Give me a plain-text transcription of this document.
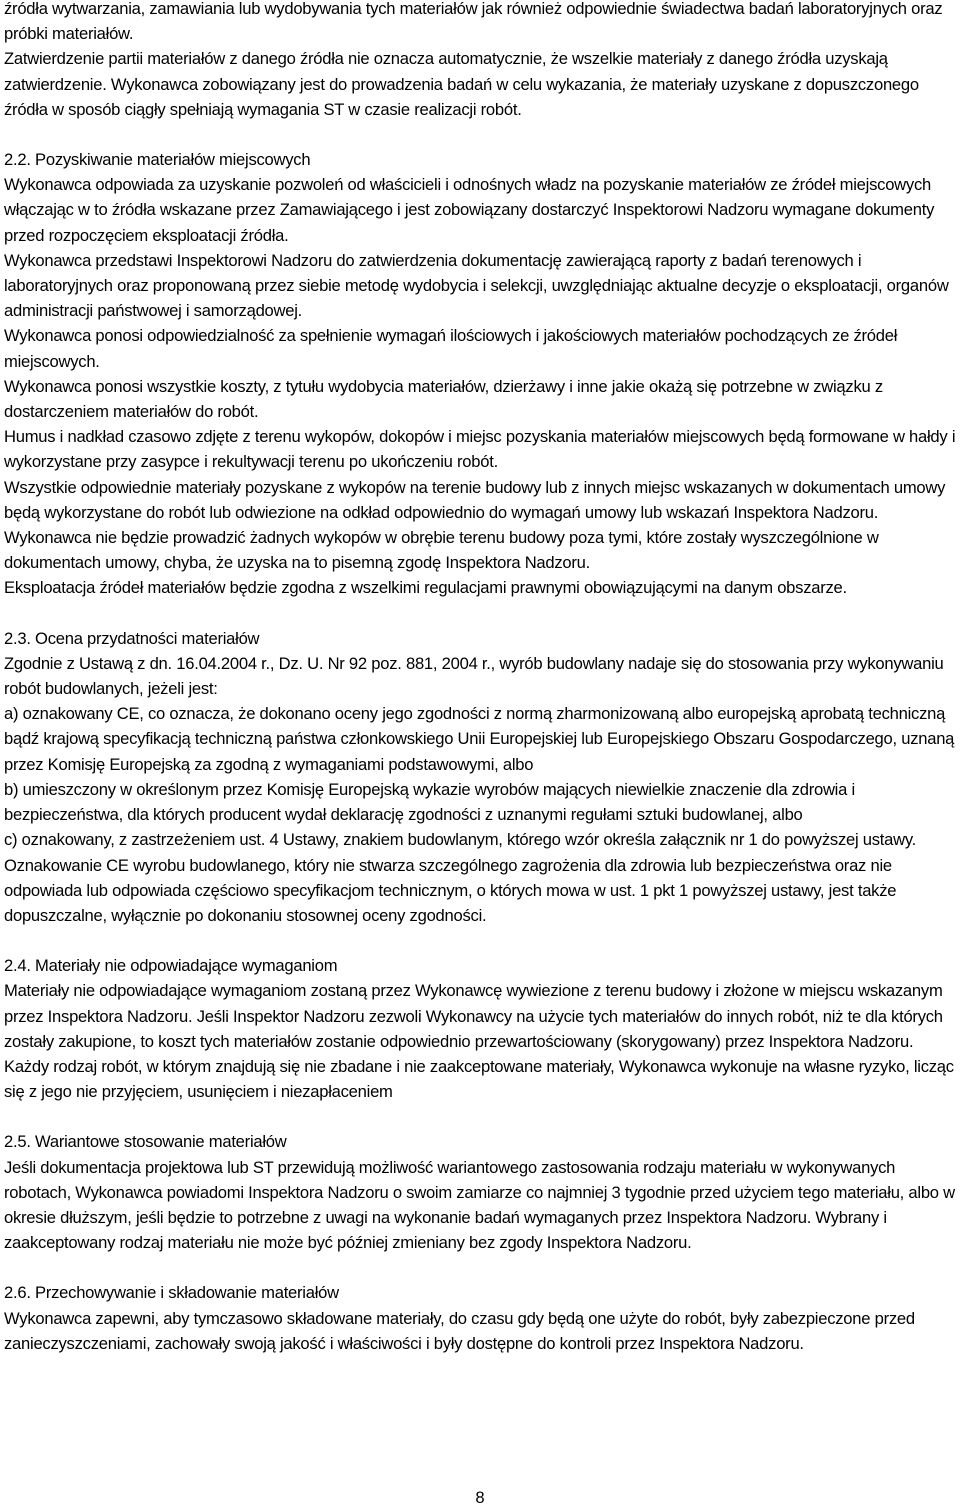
źródła wytwarzania, zamawiania lub wydobywania tych materiałów jak również odpowiednie świadectwa badań laboratoryjnych oraz próbki materiałów.

Zatwierdzenie partii materiałów z danego źródła nie oznacza automatycznie, że wszelkie materiały z danego źródła uzyskają zatwierdzenie. Wykonawca zobowiązany jest do prowadzenia badań w celu wykazania, że materiały uzyskane z dopuszczonego źródła w sposób ciągły spełniają wymagania ST w czasie realizacji robót.

2.2. Pozyskiwanie materiałów miejscowych

Wykonawca odpowiada za uzyskanie pozwoleń od właścicieli i odnośnych władz na pozyskanie materiałów ze źródeł miejscowych włączając w to źródła wskazane przez Zamawiającego i jest zobowiązany dostarczyć Inspektorowi Nadzoru wymagane dokumenty przed rozpoczęciem eksploatacji źródła.

Wykonawca przedstawi Inspektorowi Nadzoru do zatwierdzenia dokumentację zawierającą raporty z badań terenowych i laboratoryjnych oraz proponowaną przez siebie metodę wydobycia i selekcji, uwzględniając aktualne decyzje o eksploatacji, organów administracji państwowej i samorządowej.

Wykonawca ponosi odpowiedzialność za spełnienie wymagań ilościowych i jakościowych materiałów pochodzących ze źródeł miejscowych.

Wykonawca ponosi wszystkie koszty, z tytułu wydobycia materiałów, dzierżawy i inne jakie okażą się potrzebne w związku z dostarczeniem materiałów do robót.

Humus i nadkład czasowo zdjęte z terenu wykopów, dokopów i miejsc pozyskania materiałów miejscowych będą formowane w hałdy i wykorzystane przy zasypce i rekultywacji terenu po ukończeniu robót.

Wszystkie odpowiednie materiały pozyskane z wykopów na terenie budowy lub z innych miejsc wskazanych w dokumentach umowy będą wykorzystane do robót lub odwiezione na odkład odpowiednio do wymagań umowy lub wskazań Inspektora Nadzoru.

Wykonawca nie będzie prowadzić żadnych wykopów w obrębie terenu budowy poza tymi, które zostały wyszczególnione w dokumentach umowy, chyba, że uzyska na to pisemną zgodę Inspektora Nadzoru.

Eksploatacja źródeł materiałów będzie zgodna z wszelkimi regulacjami prawnymi obowiązującymi na danym obszarze.

2.3. Ocena przydatności materiałów

Zgodnie z Ustawą z dn. 16.04.2004 r., Dz. U. Nr 92 poz. 881, 2004 r., wyrób budowlany nadaje się do stosowania przy wykonywaniu robót budowlanych, jeżeli jest:

a) oznakowany CE, co oznacza, że dokonano oceny jego zgodności z normą zharmonizowaną albo europejską aprobatą techniczną bądź krajową specyfikacją techniczną państwa członkowskiego Unii Europejskiej lub Europejskiego Obszaru Gospodarczego, uznaną przez Komisję Europejską za zgodną z wymaganiami podstawowymi, albo

b) umieszczony w określonym przez Komisję Europejską wykazie wyrobów mających niewielkie znaczenie dla zdrowia i bezpieczeństwa, dla których producent wydał deklarację zgodności z uznanymi regułami sztuki budowlanej, albo

c) oznakowany, z zastrzeżeniem ust. 4 Ustawy, znakiem budowlanym, którego wzór określa załącznik nr 1 do powyższej ustawy.

Oznakowanie CE wyrobu budowlanego, który nie stwarza szczególnego zagrożenia dla zdrowia lub bezpieczeństwa oraz nie odpowiada lub odpowiada częściowo specyfikacjom technicznym, o których mowa w ust. 1 pkt 1 powyższej ustawy, jest także dopuszczalne, wyłącznie po dokonaniu stosownej oceny zgodności.

2.4. Materiały nie odpowiadające wymaganiom

Materiały nie odpowiadające wymaganiom zostaną przez Wykonawcę wywiezione z terenu budowy i złożone w miejscu wskazanym przez Inspektora Nadzoru. Jeśli Inspektor Nadzoru zezwoli Wykonawcy na użycie tych materiałów do innych robót, niż te dla których zostały zakupione, to koszt tych materiałów zostanie odpowiednio przewartościowany (skorygowany) przez Inspektora Nadzoru.

Każdy rodzaj robót, w którym znajdują się nie zbadane i nie zaakceptowane materiały, Wykonawca wykonuje na własne ryzyko, licząc się z jego nie przyjęciem, usunięciem i niezapłaceniem

2.5. Wariantowe stosowanie materiałów

Jeśli dokumentacja projektowa lub ST przewidują możliwość wariantowego zastosowania rodzaju materiału w wykonywanych robotach, Wykonawca powiadomi Inspektora Nadzoru o swoim zamiarze co najmniej 3 tygodnie przed użyciem tego materiału, albo w okresie dłuższym, jeśli będzie to potrzebne z uwagi na wykonanie badań wymaganych przez Inspektora Nadzoru. Wybrany i zaakceptowany rodzaj materiału nie może być później zmieniany bez zgody Inspektora Nadzoru.

2.6. Przechowywanie i składowanie materiałów

Wykonawca zapewni, aby tymczasowo składowane materiały, do czasu gdy będą one użyte do robót, były zabezpieczone przed zanieczyszczeniami, zachowały swoją jakość i właściwości i były dostępne do kontroli przez Inspektora Nadzoru.

8
